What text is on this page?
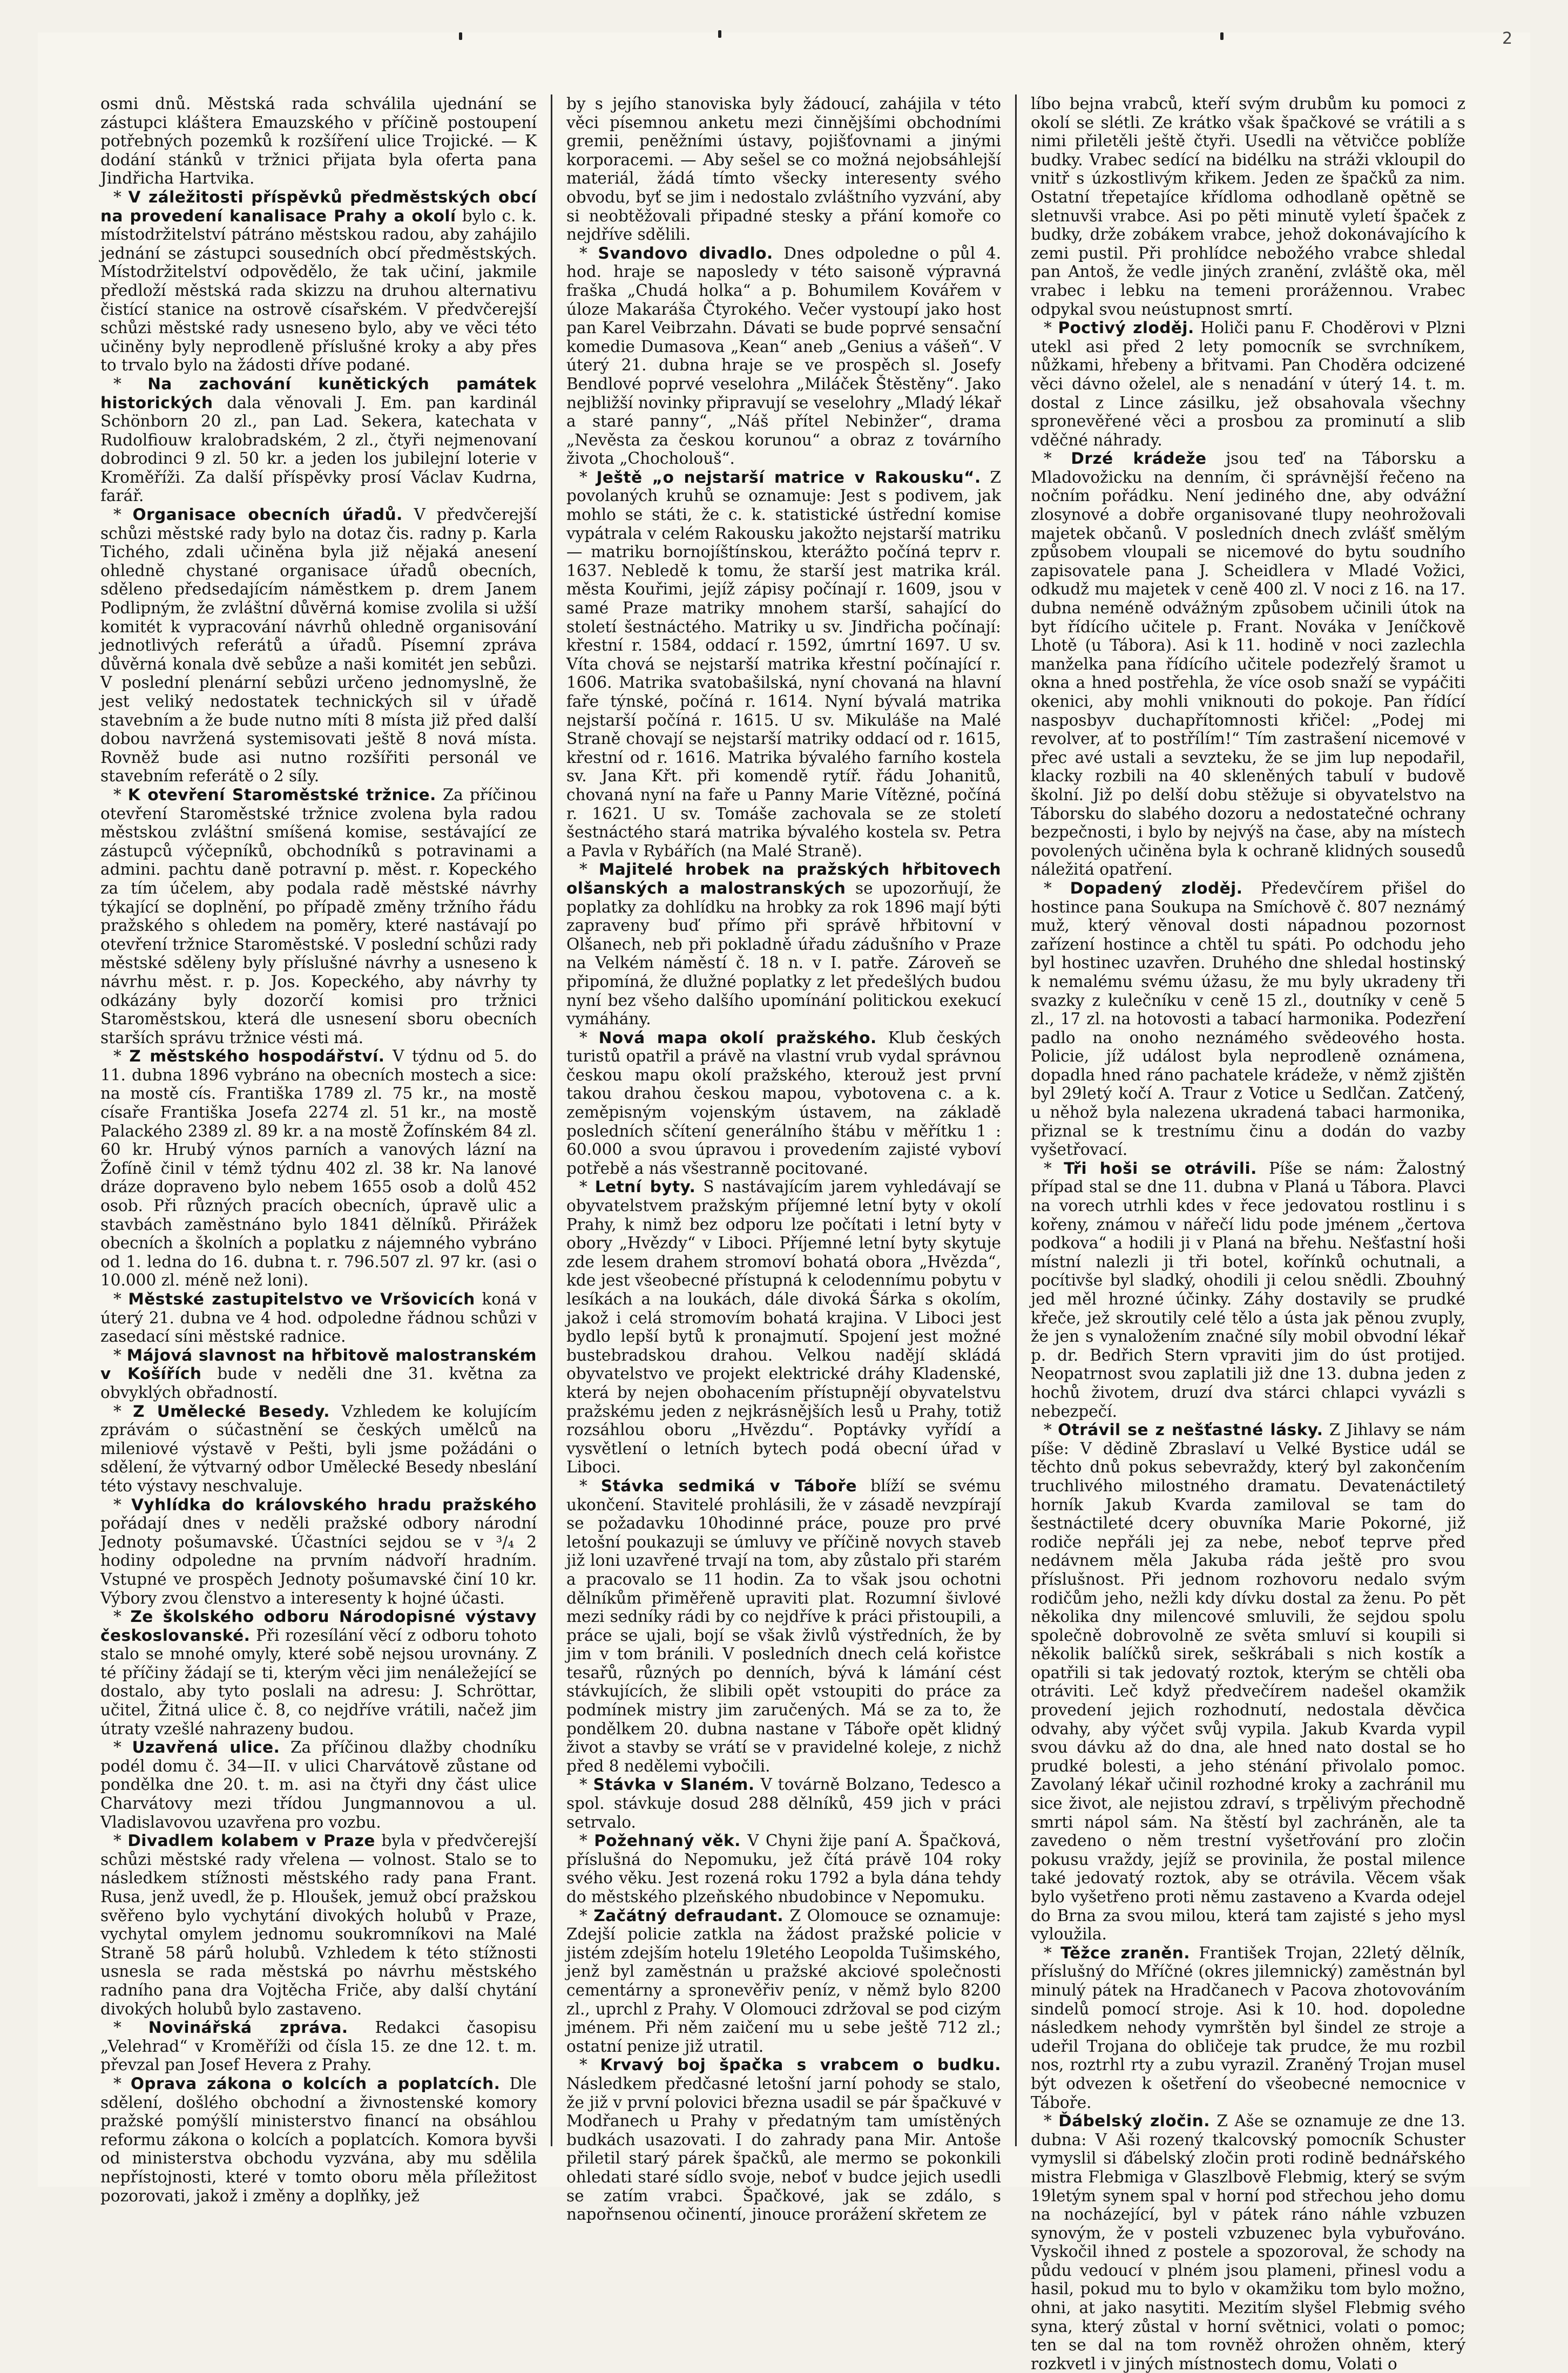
2

osmi dnů. Městská rada schválila ujednání se zástupci kláštera Emauzského v příčině postoupení potřebných pozemků k rozšíření ulice Trojické. — K dodání stánků v tržnici přijata byla oferta pana Jindřicha Hartvika.

* V záležitosti příspěvků předměstských obcí na provedení kanalisace Prahy a okolí bylo c. k. místodržitelství pátráno městskou radou, aby zahájilo jednání se zástupci sousedních obcí předměstských. Místodržitelství odpovědělo, že tak učiní, jakmile předloží městská rada skizzu na druhou alternativu čistící stanice na ostrově císařském. V předvčerejší schůzi městské rady usneseno bylo, aby ve věci této učiněny byly neprodleně příslušné kroky a aby přes to trvalo bylo na žádosti dříve podané.

* Na zachování kunětických památek historických dala věnovali J. Em. pan kardinál Schönborn 20 zl., pan Lad. Sekera, katechata v Rudolfiouw kralobradském, 2 zl., čtyři nejmenovaní dobrodinci 9 zl. 50 kr. a jeden los jubilejní loterie v Kroměříži. Za další příspěvky prosí Václav Kudrna, farář.

* Organisace obecních úřadů. V předvčerejší schůzi městské rady bylo na dotaz čis. radny p. Karla Tichého, zdali učiněna byla již nějaká anesení ohledně chystané organisace úřadů obecních, sděleno předsedajícím náměstkem p. drem Janem Podlipným, že zvláštní důvěrná komise zvolila si užší komitét k vypracování návrhů ohledně organisování jednotlivých referátů a úřadů. Písemní zpráva důvěrná konala dvě sebůze a naši komitét jen sebůzi. V poslední plenární sebůzi určeno jednomyslně, že jest veliký nedostatek technických sil v úřadě stavebním a že bude nutno míti 8 místa již před další dobou navržená systemisovati ještě 8 nová místa. Rovněž bude asi nutno rozšířiti personál ve stavebním referátě o 2 síly.

* K otevření Staroměstské tržnice. Za příčinou otevření Staroměstské tržnice zvolena byla radou městskou zvláštní smíšená komise, sestávající ze zástupců výčepníků, obchodníků s potravinami a admini. pachtu daně potravní p. měst. r. Kopeckého za tím účelem, aby podala radě městské návrhy týkající se doplnění, po případě změny tržního řádu pražského s ohledem na poměry, které nastávají po otevření tržnice Staroměstské. V poslední schůzi rady městské sděleny byly příslušné návrhy a usneseno k návrhu měst. r. p. Jos. Kopeckého, aby návrhy ty odkázány byly dozorčí komisi pro tržnici Staroměstskou, která dle usnesení sboru obecních starších správu tržnice vésti má.

* Z městského hospodářství. V týdnu od 5. do 11. dubna 1896 vybráno na obecních mostech a sice: na mostě cís. Františka 1789 zl. 75 kr., na mostě císaře Františka Josefa 2274 zl. 51 kr., na mostě Palackého 2389 zl. 89 kr. a na mostě Žofínském 84 zl. 60 kr. Hrubý výnos parních a vanových lázní na Žofíně činil v témž týdnu 402 zl. 38 kr. Na lanové dráze dopraveno bylo nebem 1655 osob a dolů 452 osob. Při různých pracích obecních, úpravě ulic a stavbách zaměstnáno bylo 1841 dělníků. Přirážek obecních a školních a poplatku z nájemného vybráno od 1. ledna do 16. dubna t. r. 796.507 zl. 97 kr. (asi o 10.000 zl. méně než loni).

* Městské zastupitelstvo ve Vršovicích koná v úterý 21. dubna ve 4 hod. odpoledne řádnou schůzi v zasedací síni městské radnice.

* Májová slavnost na hřbitově malostranském v Košířích bude v neděli dne 31. května za obvyklých obřadností.

* Z Umělecké Besedy. Vzhledem ke kolujícím zprávám o súčastnění se českých umělců na mileniové výstavě v Pešti, byli jsme požádáni o sdělení, že výtvarný odbor Umělecké Besedy nbeslání této výstavy neschvaluje.

* Vyhlídka do královského hradu pražského pořádají dnes v neděli pražské odbory národní Jednoty pošumavské. Účastníci sejdou se v ³/₄ 2 hodiny odpoledne na prvním nádvoří hradním. Vstupné ve prospěch Jednoty pošumavské činí 10 kr. Výbory zvou členstvo a interesenty k hojné účasti.

* Ze školského odboru Národopisné výstavy českoslovanské. Při rozesílání věcí z odboru tohoto stalo se mnohé omyly, které sobě nejsou urovnány. Z té příčiny žádají se ti, kterým věci jim nenáležející se dostalo, aby tyto poslali na adresu: J. Schröttar, učitel, Žitná ulice č. 8, co nejdříve vrátili, načež jim útraty vzešlé nahrazeny budou.

* Uzavřená ulice. Za příčinou dlažby chodníku podél domu č. 34—II. v ulici Charvátově zůstane od pondělka dne 20. t. m. asi na čtyři dny část ulice Charvátovy mezi třídou Jungmannovou a ul. Vladislavovou uzavřena pro vozbu.

* Divadlem kolabem v Praze byla v předvčerejší schůzi městské rady vřelena — volnost. Stalo se to následkem stížnosti městského rady pana Frant. Rusa, jenž uvedl, že p. Hloušek, jemuž obcí pražskou svěřeno bylo vychytání divokých holubů v Praze, vychytal omylem jednomu soukromníkovi na Malé Straně 58 párů holubů. Vzhledem k této stížnosti usnesla se rada městská po návrhu městského radního pana dra Vojtěcha Friče, aby další chytání divokých holubů bylo zastaveno.

* Novinářská zpráva. Redakci časopisu „Velehrad“ v Kroměříži od čísla 15. ze dne 12. t. m. převzal pan Josef Hevera z Prahy.

* Oprava zákona o kolcích a poplatcích. Dle sdělení, došlého obchodní a živnostenské komory pražské pomýšlí ministerstvo financí na obsáhlou reformu zákona o kolcích a poplatcích. Komora byvši od ministerstva obchodu vyzvána, aby mu sdělila nepřístojnosti, které v tomto oboru měla příležitost pozorovati, jakož i změny a doplňky, jež

by s jejího stanoviska byly žádoucí, zahájila v této věci písemnou anketu mezi činnějšími obchodními gremii, peněžními ústavy, pojišťovnami a jinými korporacemi. — Aby sešel se co možná nejobsáhlejší materiál, žádá tímto všecky interesenty svého obvodu, byť se jim i nedostalo zvláštního vyzvání, aby si neobtěžovali připadné stesky a přání komoře co nejdříve sdělili.

* Svandovo divadlo. Dnes odpoledne o půl 4. hod. hraje se naposledy v této saisoně výpravná fraška „Chudá holka“ a p. Bohumilem Kovářem v úloze Makaráša Čtyrokého. Večer vystoupí jako host pan Karel Veibrzahn. Dávati se bude poprvé sensační komedie Dumasova „Kean“ aneb „Genius a vášeň“. V úterý 21. dubna hraje se ve prospěch sl. Josefy Bendlové poprvé veselohra „Miláček Štěstěny“. Jako nejbližší novinky připravují se veselohry „Mladý lékař a staré panny“, „Náš přítel Nebinžer“, drama „Nevěsta za českou korunou“ a obraz z továrního života „Chocholouš“.

* Ještě „o nejstarší matrice v Rakousku“. Z povolaných kruhů se oznamuje: Jest s podivem, jak mohlo se státi, že c. k. statistické ústřední komise vypátrala v celém Rakousku jakožto nejstarší matriku — matriku bornojíštínskou, kterážto počíná teprv r. 1637. Nebledě k tomu, že starší jest matrika král. města Kouřimi, jejíž zápisy počínají r. 1609, jsou v samé Praze matriky mnohem starší, sahající do století šestnáctého. Matriky u sv. Jindřicha počínají: křestní r. 1584, oddací r. 1592, úmrtní 1697. U sv. Víta chová se nejstarší matrika křestní počínající r. 1606. Matrika svatobašilská, nyní chovaná na hlavní faře týnské, počíná r. 1614. Nyní bývalá matrika nejstarší počíná r. 1615. U sv. Mikuláše na Malé Straně chovají se nejstarší matriky oddací od r. 1615, křestní od r. 1616. Matrika bývalého farního kostela sv. Jana Křt. při komendě rytíř. řádu Johanitů, chovaná nyní na faře u Panny Marie Vítězné, počíná r. 1621. U sv. Tomáše zachovala se ze století šestnáctého stará matrika bývalého kostela sv. Petra a Pavla v Rybářích (na Malé Straně).

* Majitelé hrobek na pražských hřbitovech olšanských a malostranských se upozorňují, že poplatky za dohlídku na hrobky za rok 1896 mají býti zapraveny buď přímo při správě hřbitovní v Olšanech, neb při pokladně úřadu zádušního v Praze na Velkém náměstí č. 18 n. v I. patře. Zároveň se připomíná, že dlužné poplatky z let předešlých budou nyní bez všeho dalšího upomínání politickou exekucí vymáhány.

* Nová mapa okolí pražského. Klub českých turistů opatřil a právě na vlastní vrub vydal správnou českou mapu okolí pražského, kterouž jest první takou drahou českou mapou, vybotovena c. a k. zeměpisným vojenským ústavem, na základě posledních sčítení generálního štábu v měřítku 1 : 60.000 a svou úpravou i provedením zajisté vyboví potřebě a nás všestranně pocitované.

* Letní byty. S nastávajícím jarem vyhledávají se obyvatelstvem pražským příjemné letní byty v okolí Prahy, k nimž bez odporu lze počítati i letní byty v obory „Hvězdy“ v Liboci. Příjemné letní byty skytuje zde lesem drahem stromoví bohatá obora „Hvězda“, kde jest všeobecné přístupná k celodennímu pobytu v lesíkách a na loukách, dále divoká Šárka s okolím, jakož i celá stromovím bohatá krajina. V Liboci jest bydlo lepší bytů k pronajmutí. Spojení jest možné bustebradskou drahou. Velkou nadějí skládá obyvatelstvo ve projekt elektrické dráhy Kladenské, která by nejen obohacením přístupnějí obyvatelstvu pražskému jeden z nejkrásnějších lesů u Prahy, totiž rozsáhlou oboru „Hvězdu“. Poptávky vyřídí a vysvětlení o letních bytech podá obecní úřad v Liboci.

* Stávka sedmiká v Táboře blíží se svému ukončení. Stavitelé prohlásili, že v zásadě nevzpírají se požadavku 10hodinné práce, pouze pro prvé letošní poukazuji se úmluvy ve příčině novych staveb již loni uzavřené trvají na tom, aby zůstalo při starém a pracovalo se 11 hodin. Za to však jsou ochotni dělníkům přiměřeně upraviti plat. Rozumní šivlové mezi sedníky rádi by co nejdříve k práci přistoupili, a práce se ujali, bojí se však živlů výstředních, že by jim v tom bránili. V posledních dnech celá kořistce tesařů, různých po denních, bývá k lámání cést stávkujících, že slibili opět vstoupiti do práce za podmínek mistry jim zaručených. Má se za to, že pondělkem 20. dubna nastane v Táboře opět klidný život a stavby se vrátí se v pravidelné koleje, z nichž před 8 nedělemi vybočili.

* Stávka v Slaném. V továrně Bolzano, Tedesco a spol. stávkuje dosud 288 dělníků, 459 jich v práci setrvalo.

* Požehnaný věk. V Chyni žije paní A. Špačková, příslušná do Nepomuku, jež čítá právě 104 roky svého věku. Jest rozená roku 1792 a byla dána tehdy do městského plzeňského nbudobince v Nepomuku.

* Začátný defraudant. Z Olomouce se oznamuje: Zdejší policie zatkla na žádost pražské policie v jistém zdejším hotelu 19letého Leopolda Tušimského, jenž byl zaměstnán u pražské akciové společnosti cementárny a spronevěřiv peníz, v němž bylo 8200 zl., uprchl z Prahy. V Olomouci zdržoval se pod cizým jménem. Při něm zaičení mu u sebe ještě 712 zl.; ostatní penize již utratil.

* Krvavý boj špačka s vrabcem o budku. Následkem předčasné letošní jarní pohody se stalo, že již v první polovici března usadil se pár špačkuvé v Modřanech u Prahy v předatným tam umístěných budkách usazovati. I do zahrady pana Mir. Antoše přiletil starý párek špačků, ale mermo se pokonkili ohledati staré sídlo svoje, neboť v budce jejich usedli se zatím vrabci. Špačkové, jak se zdálo, s napořnsenou očinentí, jinouce prorážení skřetem ze

líbo bejna vrabců, kteří svým drubům ku pomoci z okolí se slétli. Ze krátko však špačkové se vrátili a s nimi přiletěli ještě čtyři. Usedli na větvičce poblíže budky. Vrabec sedící na bidélku na stráži vkloupil do vnitř s úzkostlivým křikem. Jeden ze špačků za nim. Ostatní třepetajíce křídloma odhodlaně opětně se sletnuvši vrabce. Asi po pěti minutě vyletí špaček z budky, drže zobákem vrabce, jehož dokonávajícího k zemi pustil. Při prohlídce nebožého vrabce shledal pan Antoš, že vedle jiných zranění, zvláště oka, měl vrabec i lebku na temeni prorážennou. Vrabec odpykal svou neústupnost smrtí.

* Poctivý zloděj. Holiči panu F. Choděrovi v Plzni utekl asi před 2 lety pomocník se svrchníkem, nůžkami, hřebeny a břitvami. Pan Choděra odcizené věci dávno oželel, ale s nenadání v úterý 14. t. m. dostal z Lince zásilku, jež obsahovala všechny spronevěřené věci a prosbou za prominutí a slib vděčné náhrady.

* Drzé krádeže jsou teď na Táborsku a Mladovožicku na denním, či správnější řečeno na nočním pořádku. Není jediného dne, aby odvážní zlosynové a dobře organisované tlupy neohrožovali majetek občanů. V posledních dnech zvlášť smělým způsobem vloupali se nicemové do bytu soudního zapisovatele pana J. Scheidlera v Mladé Vožici, odkudž mu majetek v ceně 400 zl. V noci z 16. na 17. dubna neméně odvážným způsobem učinili útok na byt řídícího učitele p. Frant. Nováka v Jeníčkově Lhotě (u Tábora). Asi k 11. hodině v noci zazlechla manželka pana řídícího učitele podezřelý šramot u okna a hned postřehla, že více osob snaží se vypáčiti okenici, aby mohli vniknouti do pokoje. Pan řídící nasposbyv duchapřítomnosti křičel: „Podej mi revolver, ať to postřílím!“ Tím zastrašení nicemové v přec avé ustali a sevzteku, že se jim lup nepodařil, klacky rozbili na 40 skleněných tabulí v budově školní. Již po delší dobu stěžuje si obyvatelstvo na Táborsku do slabého dozoru a nedostatečné ochrany bezpečnosti, i bylo by nejvýš na čase, aby na místech povolených učiněna byla k ochraně klidných sousedů náležitá opatření.

* Dopadený zloděj. Předevčírem přišel do hostince pana Soukupa na Smíchově č. 807 neznámý muž, který věnoval dosti nápadnou pozornost zařízení hostince a chtěl tu spáti. Po odchodu jeho byl hostinec uzavřen. Druhého dne shledal hostinský k nemalému svému úžasu, že mu byly ukradeny tři svazky z kulečníku v ceně 15 zl., doutníky v ceně 5 zl., 17 zl. na hotovosti a tabací harmonika. Podezření padlo na onoho neznámého svědeového hosta. Policie, jíž událost byla neprodleně oznámena, dopadla hned ráno pachatele krádeže, v němž zjištěn byl 29letý kočí A. Traur z Votice u Sedlčan. Zatčený, u něhož byla nalezena ukradená tabaci harmonika, přiznal se k trestnímu činu a dodán do vazby vyšetřovací.

* Tři hoši se otrávili. Píše se nám: Žalostný případ stal se dne 11. dubna v Planá u Tábora. Plavci na vorech utrhli kdes v řece jedovatou rostlinu i s kořeny, známou v nářečí lidu pode jménem „čertova podkova“ a hodili ji v Planá na břehu. Nešťastní hoši místní nalezli ji tři botel, kořínků ochutnali, a pocítivše byl sladký, ohodili ji celou snědli. Zbouhný jed měl hrozné účinky. Záhy dostavily se prudké křeče, jež skroutily celé tělo a ústa jak pěnou zvuply, že jen s vynaložením značné síly mobil obvodní lékař p. dr. Bedřich Stern vpraviti jim do úst protijed. Neopatrnost svou zaplatili již dne 13. dubna jeden z hochů životem, druzí dva stárci chlapci vyvázli s nebezpečí.

* Otrávil se z nešťastné lásky. Z Jihlavy se nám píše: V dědině Zbraslaví u Velké Bystice udál se těchto dnů pokus sebevraždy, který byl zakončením truchlivého milostného dramatu. Devatenáctiletý horník Jakub Kvarda zamiloval se tam do šestnáctileté dcery obuvníka Marie Pokorné, již rodiče nepřáli jej za nebe, neboť teprve před nedávnem měla Jakuba ráda ještě pro svou příslušnost. Při jednom rozhovoru nedalo svým rodičům jeho, nežli kdy dívku dostal za ženu. Po pět několika dny milencové smluvili, že sejdou spolu společně dobrovolně ze světa smluví si koupili si několik balíčků sirek, seškrábali s nich kostík a opatřili si tak jedovatý roztok, kterým se chtěli oba otráviti. Leč když předvečírem nadešel okamžik provedení jejich rozhodnutí, nedostala děvčica odvahy, aby výčet svůj vypila. Jakub Kvarda vypil svou dávku až do dna, ale hned nato dostal se ho prudké bolesti, a jeho sténání přivolalo pomoc. Zavolaný lékař učinil rozhodné kroky a zachránil mu sice život, ale nejistou zdraví, s trpělivým přechodně smrti nápol sám. Na štěstí byl zachráněn, ale ta zavedeno o něm trestní vyšetřování pro zločin pokusu vraždy, jejíž se provinila, že postal milence také jedovatý roztok, aby se otrávila. Věcem však bylo vyšetřeno proti němu zastaveno a Kvarda odejel do Brna za svou milou, která tam zajisté s jeho mysl vyloužila.

* Těžce zraněn. František Trojan, 22letý dělník, příslušný do Mříčné (okres jilemnický) zaměstnán byl minulý pátek na Hradčanech v Pacova zhotovováním sindelů pomocí stroje. Asi k 10. hod. dopoledne následkem nehody vymrštěn byl šindel ze stroje a udeřil Trojana do obličeje tak prudce, že mu rozbil nos, roztrhl rty a zubu vyrazil. Zraněný Trojan musel být odvezen k ošetření do všeobecné nemocnice v Táboře.

* Ďábelský zločin. Z Aše se oznamuje ze dne 13. dubna: V Aši rozený tkalcovský pomocník Schuster vymyslil si ďábelský zločin proti rodině bednářského mistra Flebmiga v Glaszlbově Flebmig, který se svým 19letým synem spal v horní pod střechou jeho domu na nocházející, byl v pátek ráno náhle vzbuzen synovým, že v posteli vzbuzenec byla vybuřováno. Vyskočil ihned z postele a spozoroval, že schody na půdu vedoucí v plném jsou plameni, přinesl vodu a hasil, pokud mu to bylo v okamžiku tom bylo možno, ohni, at jako nasytiti. Mezitím slyšel Flebmig svého syna, který zůstal v horní světnici, volati o pomoc; ten se dal na tom rovněž ohrožen ohněm, který rozkvetl i v jiných místnostech domu, Volati o
